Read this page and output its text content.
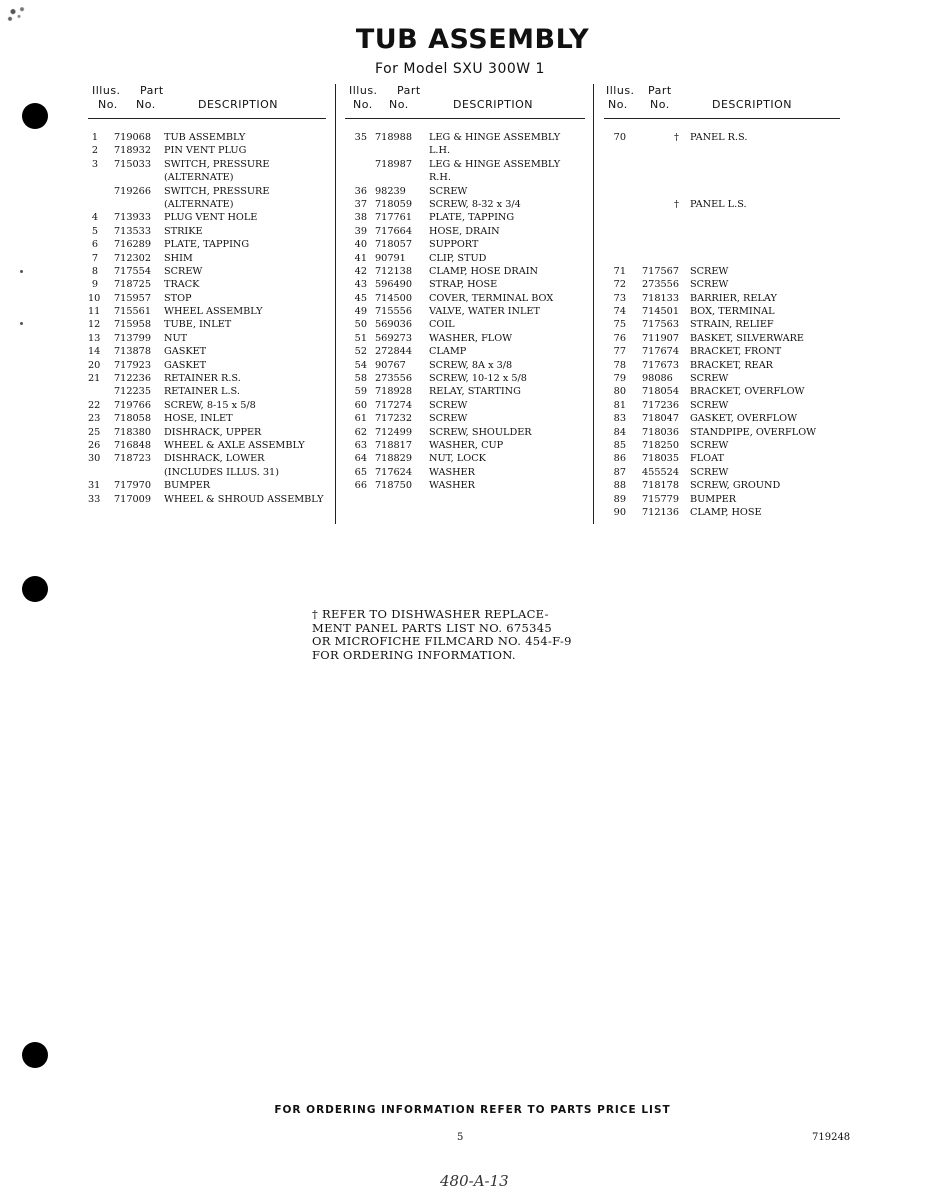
TUB ASSEMBLY
For Model SXU 300W 1
Illus. Part
No. No.	DESCRIPTION
1 719068 TUB ASSEMBLY
2 718932 PIN VENT PLUG
3 715033 SWITCH, PRESSURE
(ALTERNATE)
719266 SWITCH, PRESSURE
(ALTERNATE)
4 713933 PLUG VENT HOLE
5 713533 STRIKE
6 716289 PLATE, TAPPING
7 712302 SHIM
8 717554 SCREW
9 718725 TRACK
10 715957 STOP
11 715561 WHEEL ASSEMBLY
12 715958 TUBE, INLET
13 713799 NUT
14 713878 GASKET
20 717923 GASKET
21 712236 RETAINER R.S.
712235 RETAINER L.S.
22 719766 SCREW, 8-15 x 5/8
23 718058 HOSE, INLET
25 718380 DISHRACK, UPPER
26 716848 WHEEL & AXLE ASSEMBLY
30 718723 DISHRACK, LOWER
(INCLUDES ILLUS. 31)
31 717970 BUMPER
33 717009 WHEEL & SHROUD ASSEMBLY
Illus. Part
No. No.	DESCRIPTION
35 718988 LEG & HINGE ASSEMBLY
L.H.
718987 LEG & HINGE ASSEMBLY
R.H.
36 98239 SCREW
37 718059 SCREW, 8-32 x 3/4
38 717761 PLATE, TAPPING
39 717664 HOSE, DRAIN
40 718057 SUPPORT
41 90791 CLIP, STUD
42 712138 CLAMP, HOSE DRAIN
43 596490 STRAP, HOSE
45 714500 COVER, TERMINAL BOX
49 715556 VALVE, WATER INLET
50 569036 COIL
51 569273 WASHER, FLOW
52 272844 CLAMP
54 90767 SCREW, 8A x 3/8
58 273556 SCREW, 10-12 x 5/8
59 718928 RELAY, STARTING
60 717274 SCREW
61 717232 SCREW
62 712499 SCREW, SHOULDER
63 718817 WASHER, CUP
64 718829 NUT, LOCK
65 717624 WASHER
66 718750 WASHER
Illus. Part
No. No.	DESCRIPTION
70	† PANEL R.S.
† PANEL L.S.
71 717567 SCREW
72 273556 SCREW
73 718133 BARRIER, RELAY
74 714501 BOX, TERMINAL
75 717563 STRAIN, RELIEF
76 711907 BASKET, SILVERWARE
77 717674 BRACKET, FRONT
78 717673 BRACKET, REAR
79 98086 SCREW
80 718054 BRACKET, OVERFLOW
81 717236 SCREW
83 718047 GASKET, OVERFLOW
84 718036 STANDPIPE, OVERFLOW
85 718250 SCREW
86 718035 FLOAT
87 455524 SCREW
88 718178 SCREW, GROUND
89 715779 BUMPER
90 712136 CLAMP, HOSE
† REFER TO DISHWASHER REPLACE-
MENT PANEL PARTS LIST NO. 675345
OR MICROFICHE FILMCARD NO. 454-F-9
FOR ORDERING INFORMATION.
FOR ORDERING INFORMATION REFER TO PARTS PRICE LIST
5	719248
480-A-13
